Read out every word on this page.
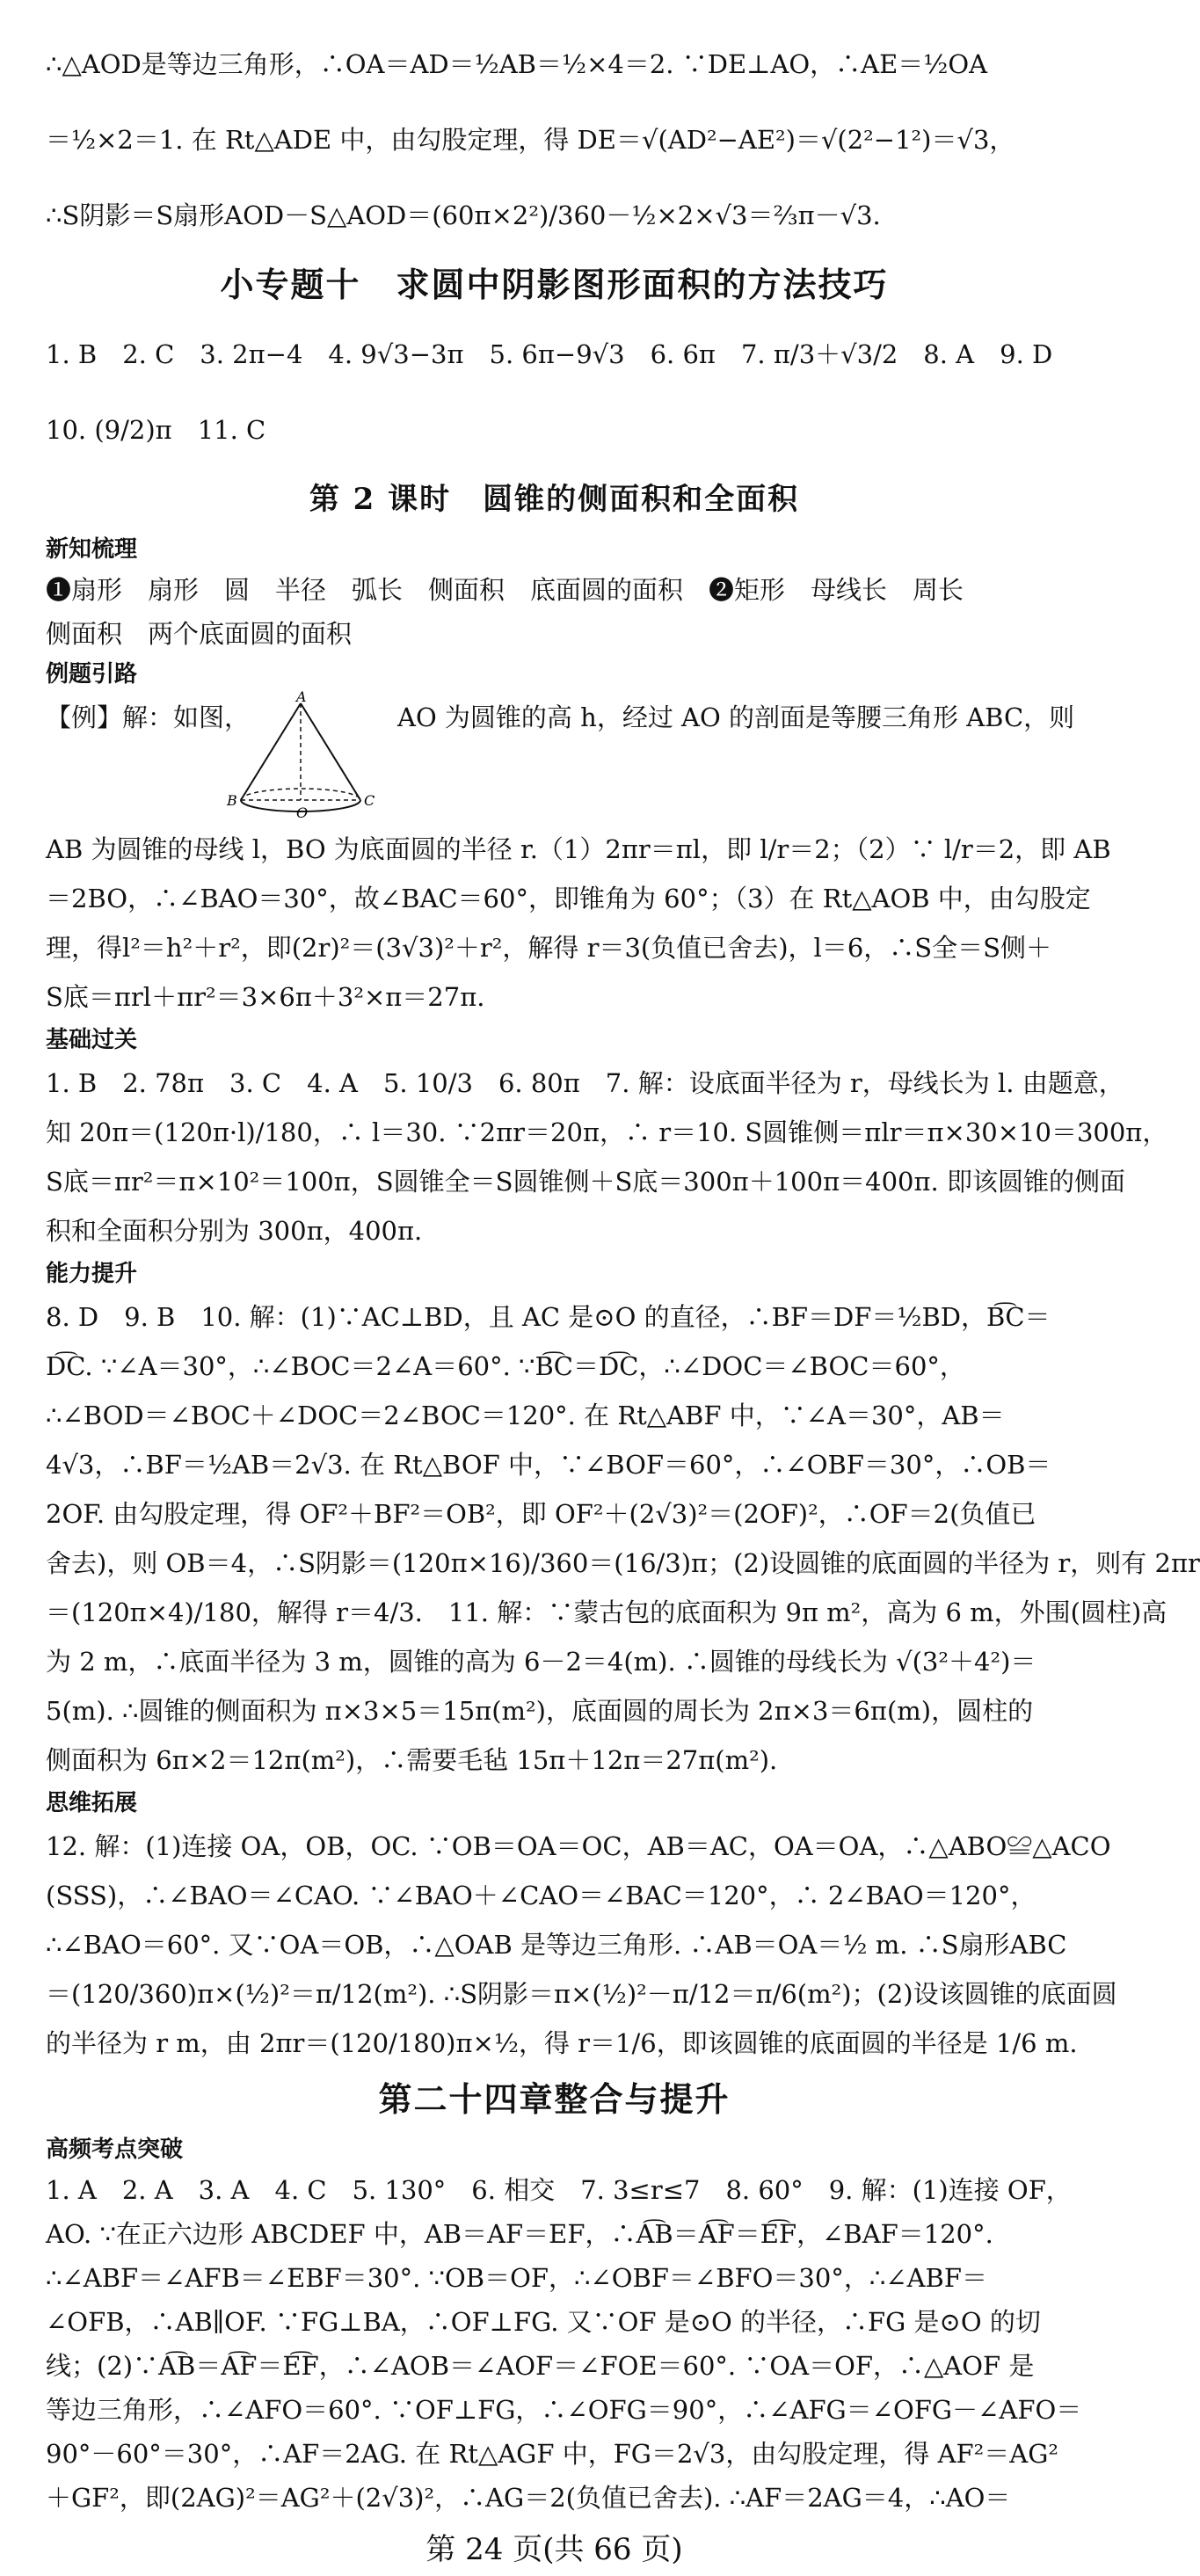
∴△AOD是等边三角形，∴OA＝AD＝½AB＝½×4＝2. ∵DE⊥AO，∴AE＝½OA
＝½×2＝1. 在 Rt△ADE 中，由勾股定理，得 DE＝√(AD²−AE²)＝√(2²−1²)＝√3，
∴S阴影＝S扇形AOD－S△AOD＝(60π×2²)/360－½×2×√3＝⅔π－√3.
小专题十　求圆中阴影图形面积的方法技巧
1. B　2. C　3. 2π−4　4. 9√3−3π　5. 6π−9√3　6. 6π　7. π/3＋√3/2　8. A　9. D
10. (9/2)π　11. C
第 2 课时　圆锥的侧面积和全面积
新知梳理
❶扇形　扇形　圆　半径　弧长　侧面积　底面圆的面积　❷矩形　母线长　周长
侧面积　两个底面圆的面积
例题引路
【例】解：如图，
A
B
O
C
AO 为圆锥的高 h，经过 AO 的剖面是等腰三角形 ABC，则
AB 为圆锥的母线 l，BO 为底面圆的半径 r.（1）2πr＝πl，即 l/r＝2；（2）∵ l/r＝2，即 AB
＝2BO，∴∠BAO＝30°，故∠BAC＝60°，即锥角为 60°；（3）在 Rt△AOB 中，由勾股定
理，得l²＝h²＋r²，即(2r)²＝(3√3)²＋r²，解得 r＝3(负值已舍去)，l＝6，∴S全＝S侧＋
S底＝πrl＋πr²＝3×6π＋3²×π＝27π.
基础过关
1. B　2. 78π　3. C　4. A　5. 10/3　6. 80π　7. 解：设底面半径为 r，母线长为 l. 由题意，
知 20π＝(120π·l)/180，∴ l＝30. ∵2πr＝20π，∴ r＝10. S圆锥侧＝πlr＝π×30×10＝300π，
S底＝πr²＝π×10²＝100π，S圆锥全＝S圆锥侧＋S底＝300π＋100π＝400π. 即该圆锥的侧面
积和全面积分别为 300π，400π.
能力提升
8. D　9. B　10. 解：(1)∵AC⊥BD，且 AC 是⊙O 的直径，∴BF＝DF＝½BD，B͡C＝
D͡C. ∵∠A＝30°，∴∠BOC＝2∠A＝60°. ∵B͡C＝D͡C，∴∠DOC＝∠BOC＝60°，
∴∠BOD＝∠BOC＋∠DOC＝2∠BOC＝120°. 在 Rt△ABF 中，∵∠A＝30°，AB＝
4√3，∴BF＝½AB＝2√3. 在 Rt△BOF 中，∵∠BOF＝60°，∴∠OBF＝30°，∴OB＝
2OF. 由勾股定理，得 OF²＋BF²＝OB²，即 OF²＋(2√3)²＝(2OF)²，∴OF＝2(负值已
舍去)，则 OB＝4，∴S阴影＝(120π×16)/360＝(16/3)π；(2)设圆锥的底面圆的半径为 r，则有 2πr
＝(120π×4)/180，解得 r＝4/3.　11. 解：∵蒙古包的底面积为 9π m²，高为 6 m，外围(圆柱)高
为 2 m，∴底面半径为 3 m，圆锥的高为 6－2＝4(m). ∴圆锥的母线长为 √(3²＋4²)＝
5(m). ∴圆锥的侧面积为 π×3×5＝15π(m²)，底面圆的周长为 2π×3＝6π(m)，圆柱的
侧面积为 6π×2＝12π(m²)，∴需要毛毡 15π＋12π＝27π(m²).
思维拓展
12. 解：(1)连接 OA，OB，OC. ∵OB＝OA＝OC，AB＝AC，OA＝OA，∴△ABO≌△ACO
(SSS)，∴∠BAO＝∠CAO. ∵∠BAO＋∠CAO＝∠BAC＝120°，∴ 2∠BAO＝120°，
∴∠BAO＝60°. 又∵OA＝OB，∴△OAB 是等边三角形. ∴AB＝OA＝½ m. ∴S扇形ABC
＝(120/360)π×(½)²＝π/12(m²). ∴S阴影＝π×(½)²－π/12＝π/6(m²)；(2)设该圆锥的底面圆
的半径为 r m，由 2πr＝(120/180)π×½，得 r＝1/6，即该圆锥的底面圆的半径是 1/6 m.
第二十四章整合与提升
高频考点突破
1. A　2. A　3. A　4. C　5. 130°　6. 相交　7. 3≤r≤7　8. 60°　9. 解：(1)连接 OF，
AO. ∵在正六边形 ABCDEF 中，AB＝AF＝EF，∴A͡B＝A͡F＝E͡F，∠BAF＝120°.
∴∠ABF＝∠AFB＝∠EBF＝30°. ∵OB＝OF，∴∠OBF＝∠BFO＝30°，∴∠ABF＝
∠OFB，∴AB∥OF. ∵FG⊥BA，∴OF⊥FG. 又∵OF 是⊙O 的半径，∴FG 是⊙O 的切
线；(2)∵A͡B＝A͡F＝E͡F，∴∠AOB＝∠AOF＝∠FOE＝60°. ∵OA＝OF，∴△AOF 是
等边三角形，∴∠AFO＝60°. ∵OF⊥FG，∴∠OFG＝90°，∴∠AFG＝∠OFG－∠AFO＝
90°－60°＝30°，∴AF＝2AG. 在 Rt△AGF 中，FG＝2√3，由勾股定理，得 AF²＝AG²
＋GF²，即(2AG)²＝AG²＋(2√3)²，∴AG＝2(负值已舍去). ∴AF＝2AG＝4，∴AO＝
第 24 页(共 66 页)
